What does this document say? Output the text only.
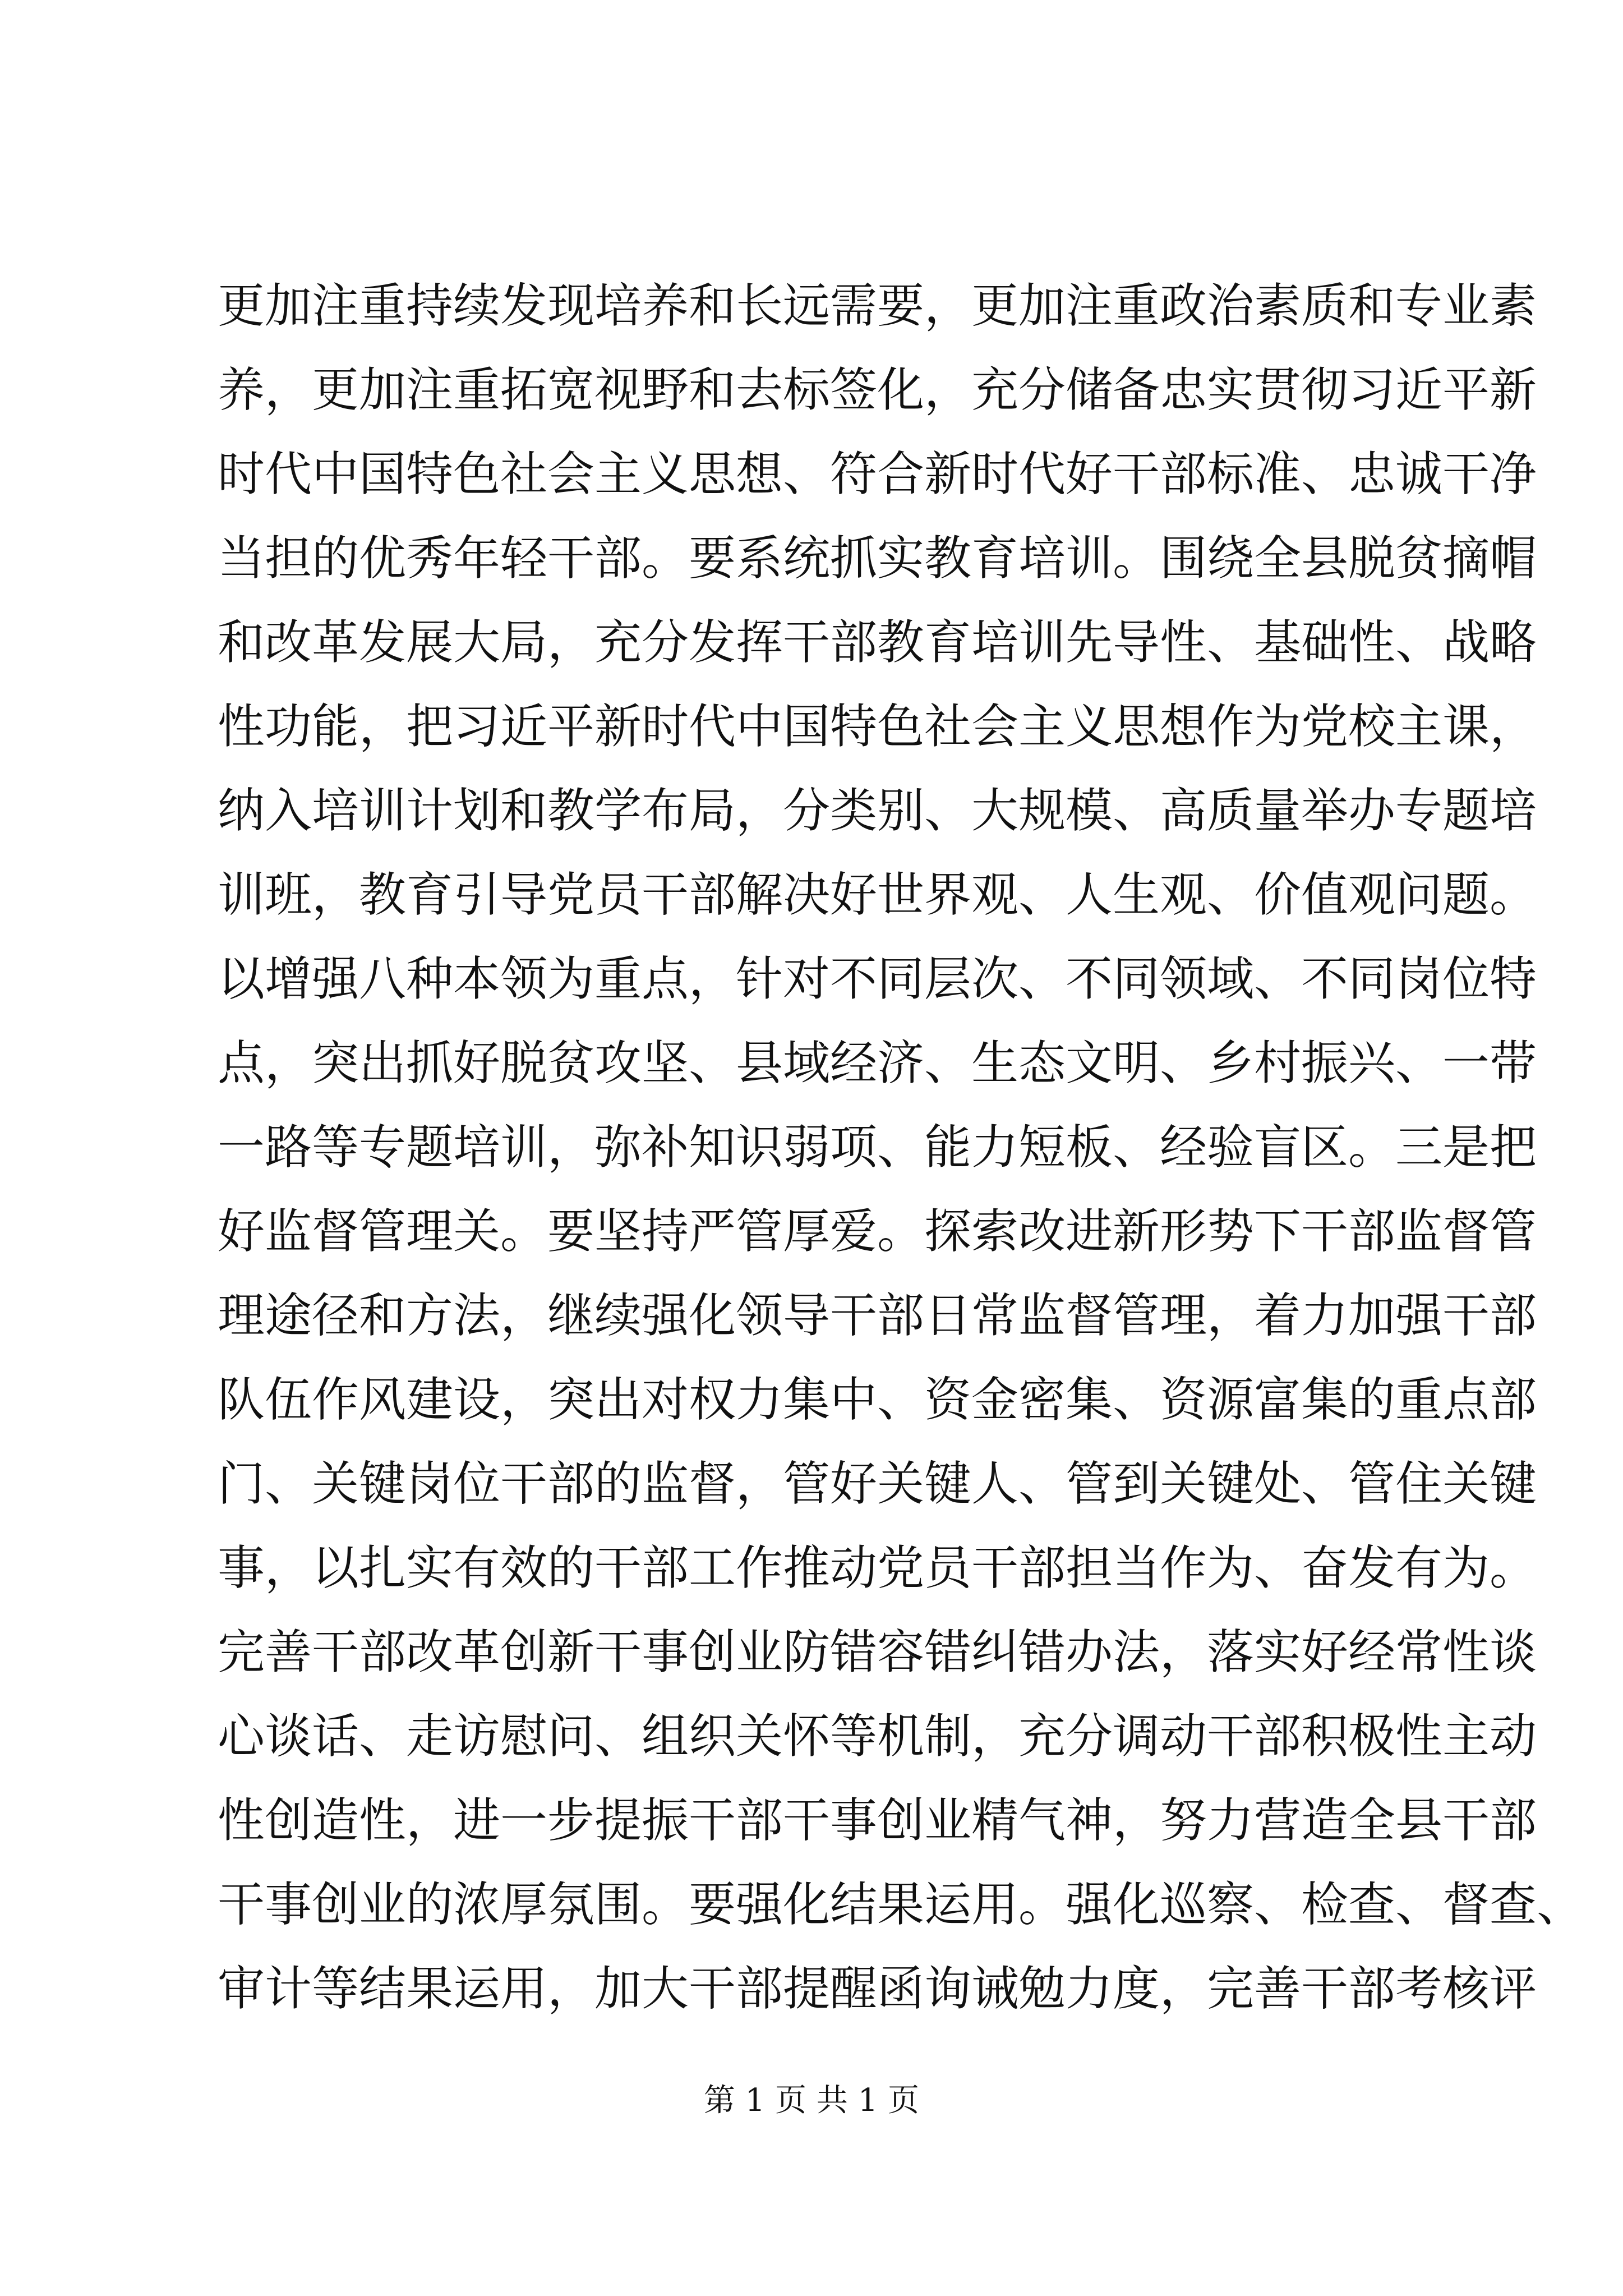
更加注重持续发现培养和长远需要，更加注重政治素质和专业素
养，更加注重拓宽视野和去标签化，充分储备忠实贯彻习近平新
时代中国特色社会主义思想、符合新时代好干部标准、忠诚干净
当担的优秀年轻干部。要系统抓实教育培训。围绕全县脱贫摘帽
和改革发展大局，充分发挥干部教育培训先导性、基础性、战略
性功能，把习近平新时代中国特色社会主义思想作为党校主课，
纳入培训计划和教学布局，分类别、大规模、高质量举办专题培
训班，教育引导党员干部解决好世界观、人生观、价值观问题。
以增强八种本领为重点，针对不同层次、不同领域、不同岗位特
点，突出抓好脱贫攻坚、县域经济、生态文明、乡村振兴、一带
一路等专题培训，弥补知识弱项、能力短板、经验盲区。三是把
好监督管理关。要坚持严管厚爱。探索改进新形势下干部监督管
理途径和方法，继续强化领导干部日常监督管理，着力加强干部
队伍作风建设，突出对权力集中、资金密集、资源富集的重点部
门、关键岗位干部的监督，管好关键人、管到关键处、管住关键
事，以扎实有效的干部工作推动党员干部担当作为、奋发有为。
完善干部改革创新干事创业防错容错纠错办法，落实好经常性谈
心谈话、走访慰问、组织关怀等机制，充分调动干部积极性主动
性创造性，进一步提振干部干事创业精气神，努力营造全县干部
干事创业的浓厚氛围。要强化结果运用。强化巡察、检查、督查、
审计等结果运用，加大干部提醒函询诫勉力度，完善干部考核评
第 1 页 共 1 页
